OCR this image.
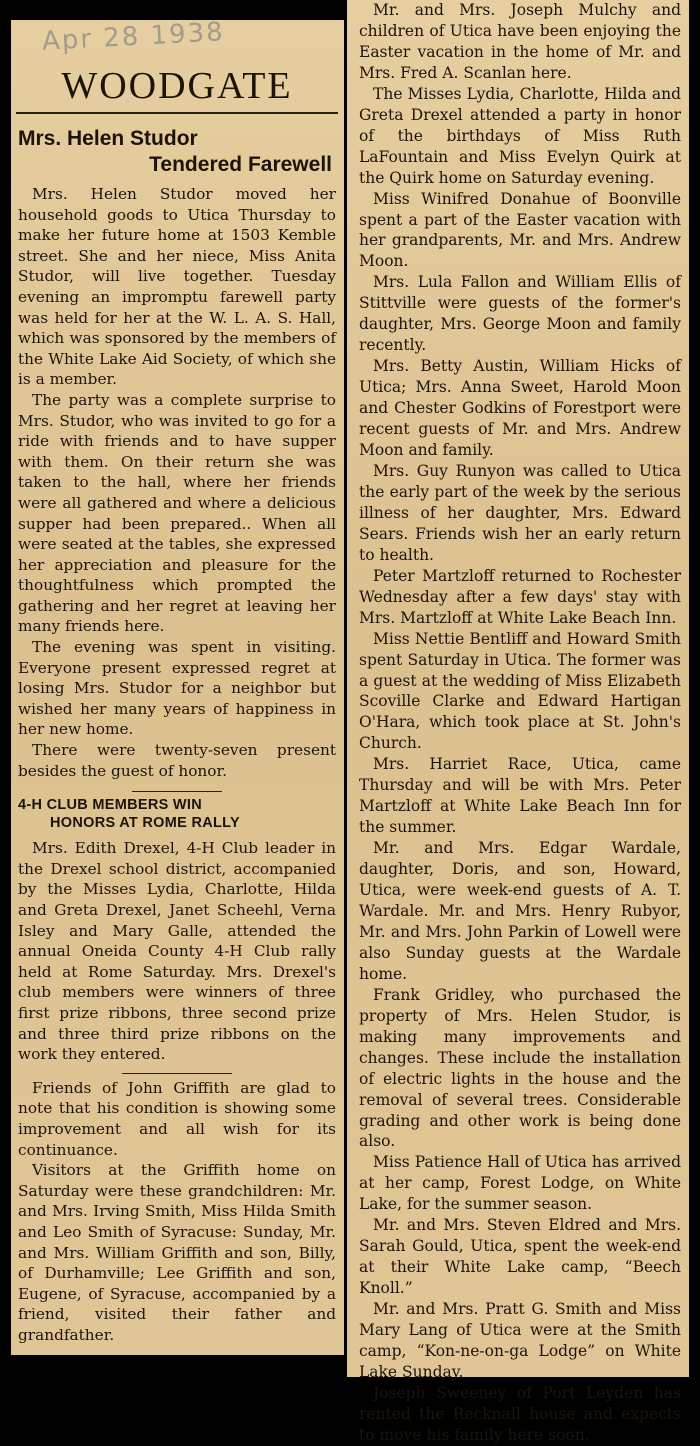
WOODGATE
Mrs. Helen Studor
Tendered Farewell

Mrs. Helen Studor moved her household goods to Utica Thursday to make her future home at 1503 Kemble street. She and her niece, Miss Anita Studor, will live together. Tuesday evening an impromptu farewell party was held for her at the W. L. A. S. Hall, which was sponsored by the members of the White Lake Aid Society, of which she is a member.

The party was a complete surprise to Mrs. Studor, who was invited to go for a ride with friends and to have supper with them. On their return she was taken to the hall, where her friends were all gathered and where a delicious supper had been prepared.. When all were seated at the tables, she expressed her appreciation and pleasure for the thoughtfulness which prompted the gathering and her regret at leaving her many friends here.

The evening was spent in visiting. Everyone present expressed regret at losing Mrs. Studor for a neighbor but wished her many years of happiness in her new home.

There were twenty-seven present besides the guest of honor.

4-H CLUB MEMBERS WIN
HONORS AT ROME RALLY

Mrs. Edith Drexel, 4-H Club leader in the Drexel school district, accompanied by the Misses Lydia, Charlotte, Hilda and Greta Drexel, Janet Scheehl, Verna Isley and Mary Galle, attended the annual Oneida County 4-H Club rally held at Rome Saturday. Mrs. Drexel's club members were winners of three first prize ribbons, three second prize and three third prize ribbons on the work they entered.

Friends of John Griffith are glad to note that his condition is showing some improvement and all wish for its continuance.

Visitors at the Griffith home on Saturday were these grandchildren: Mr. and Mrs. Irving Smith, Miss Hilda Smith and Leo Smith of Syracuse: Sunday, Mr. and Mrs. William Griffith and son, Billy, of Durhamville; Lee Griffith and son, Eugene, of Syracuse, accompanied by a friend, visited their father and grandfather.

Apr 28 1938

Mr. and Mrs. Joseph Mulchy and children of Utica have been enjoying the Easter vacation in the home of Mr. and Mrs. Fred A. Scanlan here.

The Misses Lydia, Charlotte, Hilda and Greta Drexel attended a party in honor of the birthdays of Miss Ruth LaFountain and Miss Evelyn Quirk at the Quirk home on Saturday evening.

Miss Winifred Donahue of Boonville spent a part of the Easter vacation with her grandparents, Mr. and Mrs. Andrew Moon.

Mrs. Lula Fallon and William Ellis of Stittville were guests of the former's daughter, Mrs. George Moon and family recently.

Mrs. Betty Austin, William Hicks of Utica; Mrs. Anna Sweet, Harold Moon and Chester Godkins of Forestport were recent guests of Mr. and Mrs. Andrew Moon and family.

Mrs. Guy Runyon was called to Utica the early part of the week by the serious illness of her daughter, Mrs. Edward Sears. Friends wish her an early return to health.

Peter Martzloff returned to Rochester Wednesday after a few days' stay with Mrs. Martzloff at White Lake Beach Inn.

Miss Nettie Bentliff and Howard Smith spent Saturday in Utica. The former was a guest at the wedding of Miss Elizabeth Scoville Clarke and Edward Hartigan O'Hara, which took place at St. John's Church.

Mrs. Harriet Race, Utica, came Thursday and will be with Mrs. Peter Martzloff at White Lake Beach Inn for the summer.

Mr. and Mrs. Edgar Wardale, daughter, Doris, and son, Howard, Utica, were week-end guests of A. T. Wardale. Mr. and Mrs. Henry Rubyor, Mr. and Mrs. John Parkin of Lowell were also Sunday guests at the Wardale home.

Frank Gridley, who purchased the property of Mrs. Helen Studor, is making many improvements and changes. These include the installation of electric lights in the house and the removal of several trees. Considerable grading and other work is being done also.

Miss Patience Hall of Utica has arrived at her camp, Forest Lodge, on White Lake, for the summer season.

Mr. and Mrs. Steven Eldred and Mrs. Sarah Gould, Utica, spent the week-end at their White Lake camp, “Beech Knoll.”

Mr. and Mrs. Pratt G. Smith and Miss Mary Lang of Utica were at the Smith camp, “Kon-ne-on-ga Lodge” on White Lake Sunday.

Joseph Sweeney of Port Leyden has rented the Recknall house and expects to move his family here soon.
